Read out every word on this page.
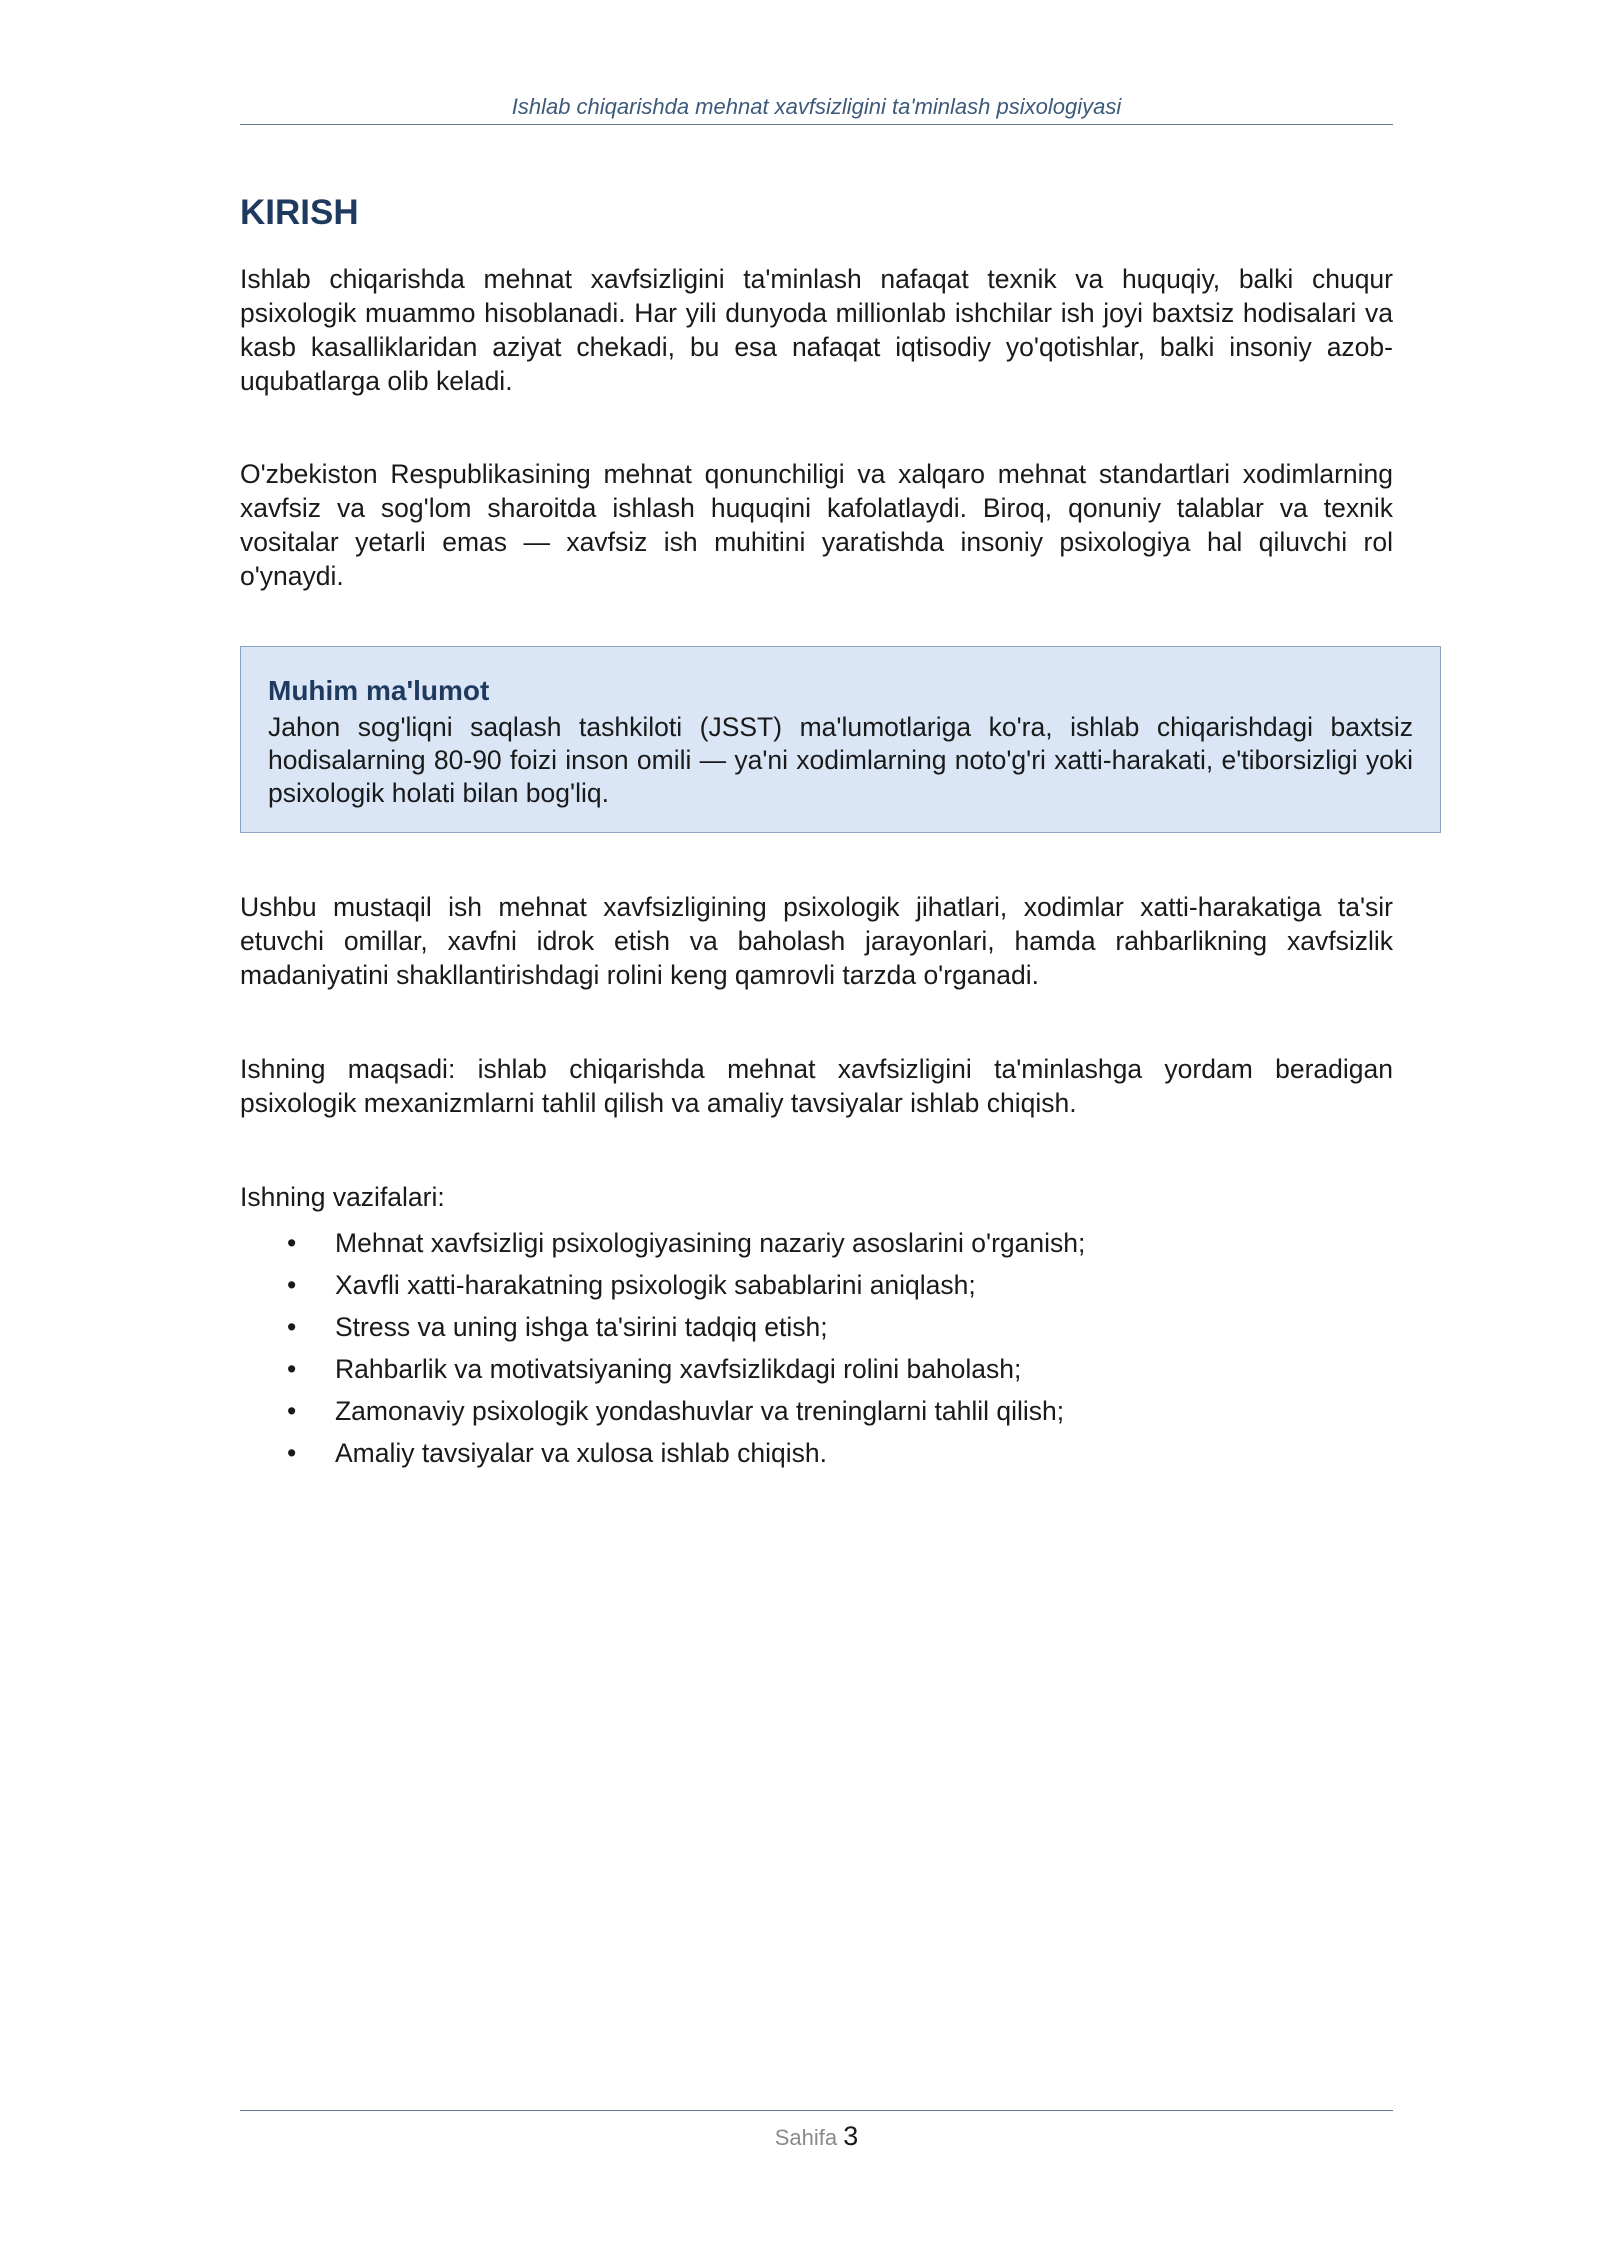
Ishlab chiqarishda mehnat xavfsizligini ta'minlash psixologiyasi
KIRISH

Ishlab chiqarishda mehnat xavfsizligini ta'minlash nafaqat texnik va huquqiy, balki chuqur psixologik muammo hisoblanadi. Har yili dunyoda millionlab ishchilar ish joyi baxtsiz hodisalari va kasb kasalliklaridan aziyat chekadi, bu esa nafaqat iqtisodiy yo'qotishlar, balki insoniy azob-uqubatlarga olib keladi.

O'zbekiston Respublikasining mehnat qonunchiligi va xalqaro mehnat standartlari xodimlarning xavfsiz va sog'lom sharoitda ishlash huquqini kafolatlaydi. Biroq, qonuniy talablar va texnik vositalar yetarli emas — xavfsiz ish muhitini yaratishda insoniy psixologiya hal qiluvchi rol o'ynaydi.

Muhim ma'lumot

Jahon sog'liqni saqlash tashkiloti (JSST) ma'lumotlariga ko'ra, ishlab chiqarishdagi baxtsiz hodisalarning 80-90 foizi inson omili — ya'ni xodimlarning noto'g'ri xatti-harakati, e'tiborsizligi yoki psixologik holati bilan bog'liq.

Ushbu mustaqil ish mehnat xavfsizligining psixologik jihatlari, xodimlar xatti-harakatiga ta'sir etuvchi omillar, xavfni idrok etish va baholash jarayonlari, hamda rahbarlikning xavfsizlik madaniyatini shakllantirishdagi rolini keng qamrovli tarzda o'rganadi.

Ishning maqsadi: ishlab chiqarishda mehnat xavfsizligini ta'minlashga yordam beradigan psixologik mexanizmlarni tahlil qilish va amaliy tavsiyalar ishlab chiqish.

Ishning vazifalari:

• Mehnat xavfsizligi psixologiyasining nazariy asoslarini o'rganish;
• Xavfli xatti-harakatning psixologik sabablarini aniqlash;
• Stress va uning ishga ta'sirini tadqiq etish;
• Rahbarlik va motivatsiyaning xavfsizlikdagi rolini baholash;
• Zamonaviy psixologik yondashuvlar va treninglarni tahlil qilish;
• Amaliy tavsiyalar va xulosa ishlab chiqish.
Sahifa 3
